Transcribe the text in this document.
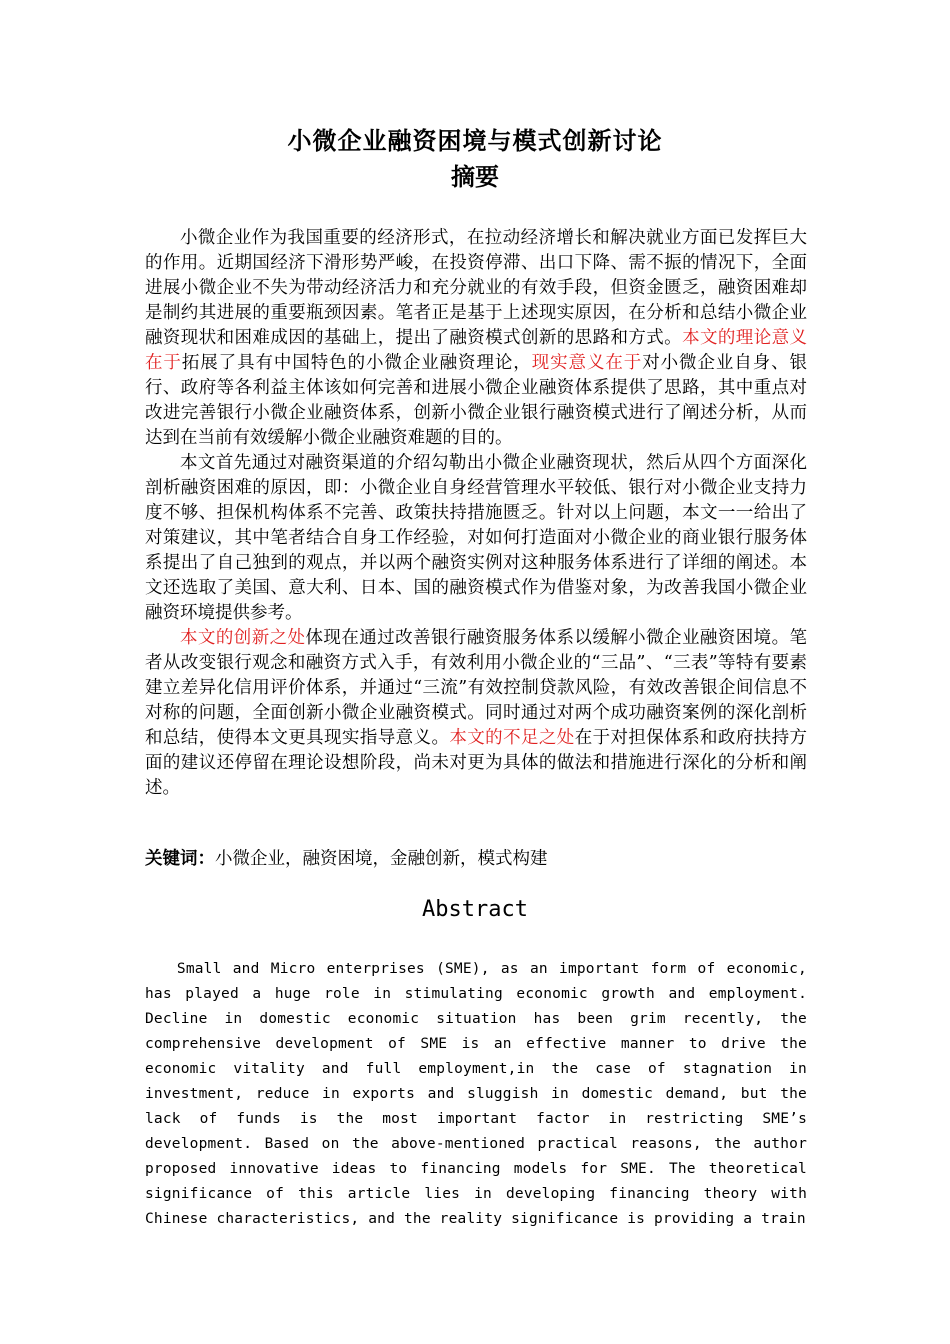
小微企业融资困境与模式创新讨论
摘要

小微企业作为我国重要的经济形式，在拉动经济增长和解决就业方面已发挥巨大的作用。近期国经济下滑形势严峻，在投资停滞、出口下降、需不振的情况下，全面进展小微企业不失为带动经济活力和充分就业的有效手段，但资金匮乏，融资困难却是制约其进展的重要瓶颈因素。笔者正是基于上述现实原因，在分析和总结小微企业融资现状和困难成因的基础上，提出了融资模式创新的思路和方式。本文的理论意义在于拓展了具有中国特色的小微企业融资理论，现实意义在于对小微企业自身、银行、政府等各利益主体该如何完善和进展小微企业融资体系提供了思路，其中重点对改进完善银行小微企业融资体系，创新小微企业银行融资模式进行了阐述分析，从而达到在当前有效缓解小微企业融资难题的目的。

本文首先通过对融资渠道的介绍勾勒出小微企业融资现状，然后从四个方面深化剖析融资困难的原因，即：小微企业自身经营管理水平较低、银行对小微企业支持力度不够、担保机构体系不完善、政策扶持措施匮乏。针对以上问题，本文一一给出了对策建议，其中笔者结合自身工作经验，对如何打造面对小微企业的商业银行服务体系提出了自己独到的观点，并以两个融资实例对这种服务体系进行了详细的阐述。本文还选取了美国、意大利、日本、国的融资模式作为借鉴对象，为改善我国小微企业融资环境提供参考。

本文的创新之处体现在通过改善银行融资服务体系以缓解小微企业融资困境。笔者从改变银行观念和融资方式入手，有效利用小微企业的“三品”、“三表”等特有要素建立差异化信用评价体系，并通过“三流”有效控制贷款风险，有效改善银企间信息不对称的问题，全面创新小微企业融资模式。同时通过对两个成功融资案例的深化剖析和总结，使得本文更具现实指导意义。本文的不足之处在于对担保体系和政府扶持方面的建议还停留在理论设想阶段，尚未对更为具体的做法和措施进行深化的分析和阐述。

关键词：小微企业，融资困境，金融创新，模式构建
Abstract

Small and Micro enterprises (SME), as an important form of economic, has played a huge role in stimulating economic growth and employment. Decline in domestic economic situation has been grim recently, the comprehensive development of SME is an effective manner to drive the economic vitality and full employment,in the case of stagnation in investment, reduce in exports and sluggish in domestic demand, but the lack of funds is the most important factor in restricting SME’s development. Based on the above-mentioned practical reasons, the author proposed innovative ideas to financing models for SME. The theoretical significance of this article lies in developing financing theory with Chinese characteristics, and the reality significance is providing a train
